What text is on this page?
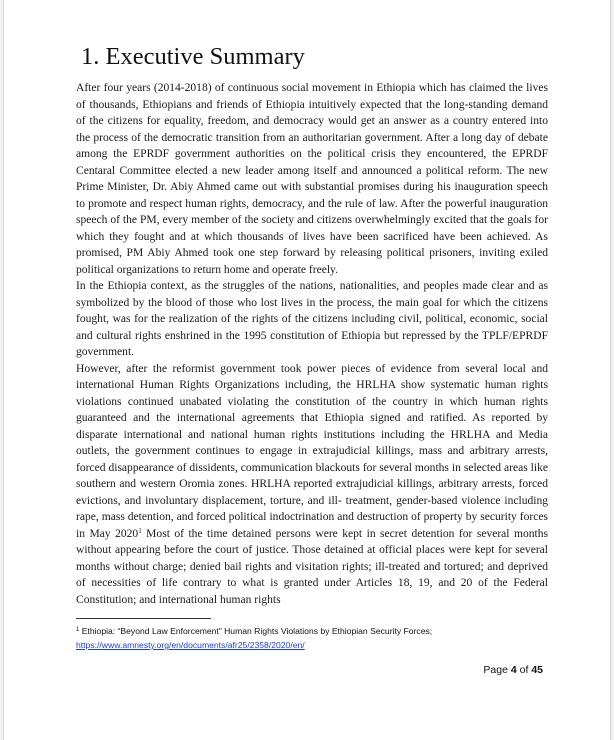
1. Executive Summary

After four years (2014-2018) of continuous social movement in Ethiopia which has claimed the lives of thousands, Ethiopians and friends of Ethiopia intuitively expected that the long-standing demand of the citizens for equality, freedom, and democracy would get an answer as a country entered into the process of the democratic transition from an authoritarian government. After a long day of debate among the EPRDF government authorities on the political crisis they encountered, the EPRDF Centaral Committee elected a new leader among itself and announced a political reform. The new Prime Minister, Dr. Abiy Ahmed came out with substantial promises during his inauguration speech to promote and respect human rights, democracy, and the rule of law. After the powerful inauguration speech of the PM, every member of the society and citizens overwhelmingly excited that the goals for which they fought and at which thousands of lives have been sacrificed have been achieved. As promised, PM Abiy Ahmed took one step forward by releasing political prisoners, inviting exiled political organizations to return home and operate freely.

In the Ethiopia context, as the struggles of the nations, nationalities, and peoples made clear and as symbolized by the blood of those who lost lives in the process, the main goal for which the citizens fought, was for the realization of the rights of the citizens including civil, political, economic, social and cultural rights enshrined in the 1995 constitution of Ethiopia but repressed by the TPLF/EPRDF government.

However, after the reformist government took power pieces of evidence from several local and international Human Rights Organizations including, the HRLHA show systematic human rights violations continued unabated violating the constitution of the country in which human rights guaranteed and the international agreements that Ethiopia signed and ratified. As reported by disparate international and national human rights institutions including the HRLHA and Media outlets, the government continues to engage in extrajudicial killings, mass and arbitrary arrests, forced disappearance of dissidents, communication blackouts for several months in selected areas like southern and western Oromia zones. HRLHA reported extrajudicial killings, arbitrary arrests, forced evictions, and involuntary displacement, torture, and ill- treatment, gender-based violence including rape, mass detention, and forced political indoctrination and destruction of property by security forces in May 2020$^1$ Most of the time detained persons were kept in secret detention for several months without appearing before the court of justice. Those detained at official places were kept for several months without charge; denied bail rights and visitation rights; ill-treated and tortured; and deprived of necessities of life contrary to what is granted under Articles 18, 19, and 20 of the Federal Constitution; and international human rights

$^1$ Ethiopia: “Beyond Law Enforcement” Human Rights Violations by Ethiopian Security Forces;
https://www.amnesty.org/en/documents/afr25/2358/2020/en/
Page 4 of 45
